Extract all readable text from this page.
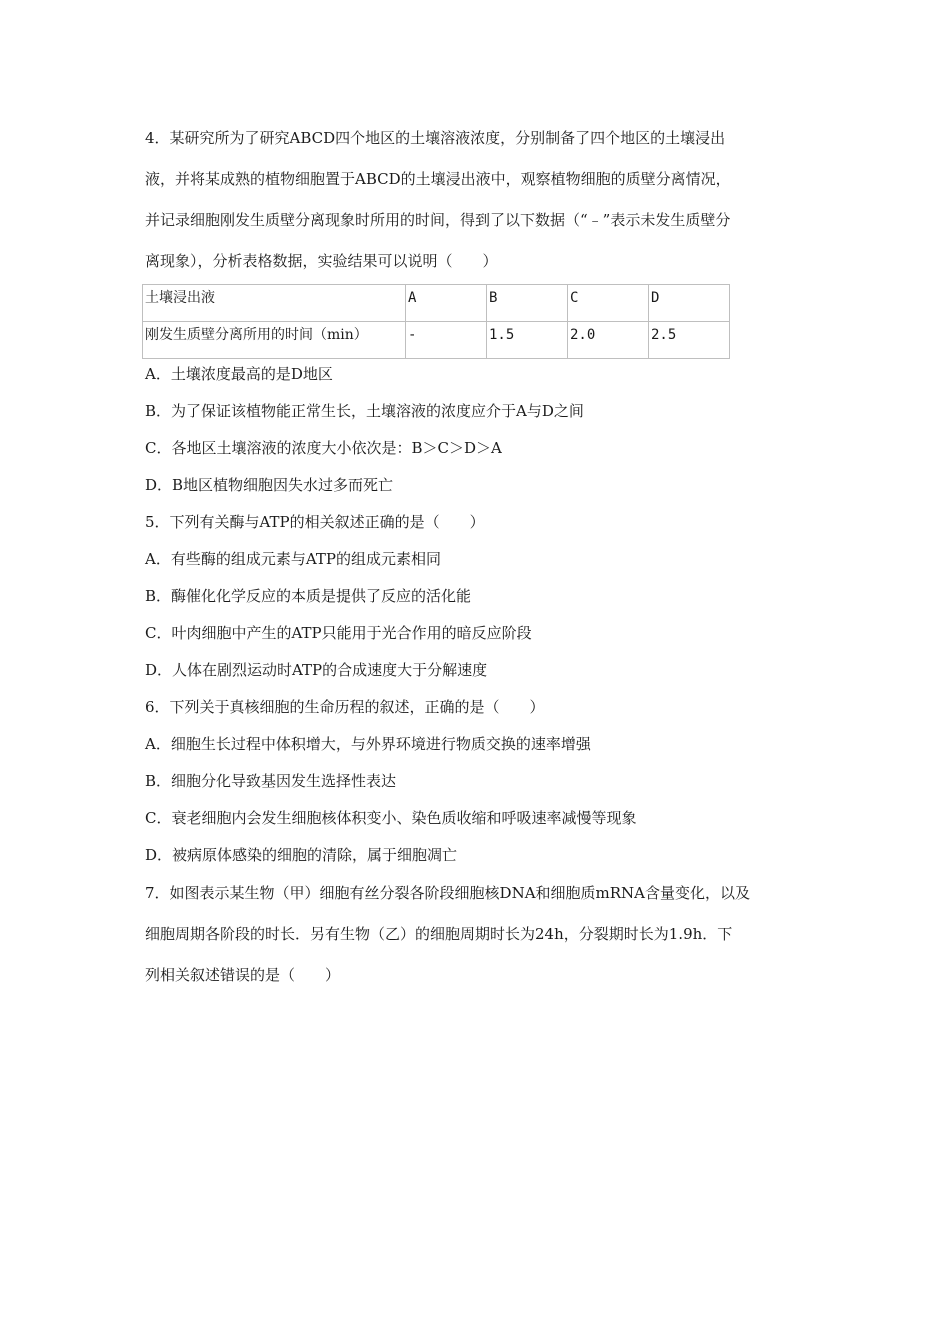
4．某研究所为了研究ABCD四个地区的土壤溶液浓度，分别制备了四个地区的土壤浸出

液，并将某成熟的植物细胞置于ABCD的土壤浸出液中，观察植物细胞的质壁分离情况，

并记录细胞刚发生质壁分离现象时所用的时间，得到了以下数据（“﹣”表示未发生质壁分

离现象），分析表格数据，实验结果可以说明（　　）

土壤浸出液	A	B	C	D
刚发生质壁分离所用的时间（min）	-	1.5	2.0	2.5

A．土壤浓度最高的是D地区

B．为了保证该植物能正常生长，土壤溶液的浓度应介于A与D之间

C．各地区土壤溶液的浓度大小依次是：B＞C＞D＞A

D．B地区植物细胞因失水过多而死亡

5．下列有关酶与ATP的相关叙述正确的是（　　）

A．有些酶的组成元素与ATP的组成元素相同

B．酶催化化学反应的本质是提供了反应的活化能

C．叶肉细胞中产生的ATP只能用于光合作用的暗反应阶段

D．人体在剧烈运动时ATP的合成速度大于分解速度

6．下列关于真核细胞的生命历程的叙述，正确的是（　　）

A．细胞生长过程中体积增大，与外界环境进行物质交换的速率增强

B．细胞分化导致基因发生选择性表达

C．衰老细胞内会发生细胞核体积变小、染色质收缩和呼吸速率减慢等现象

D．被病原体感染的细胞的清除，属于细胞凋亡

7．如图表示某生物（甲）细胞有丝分裂各阶段细胞核DNA和细胞质mRNA含量变化，以及

细胞周期各阶段的时长．另有生物（乙）的细胞周期时长为24h，分裂期时长为1.9h．下

列相关叙述错误的是（　　）
